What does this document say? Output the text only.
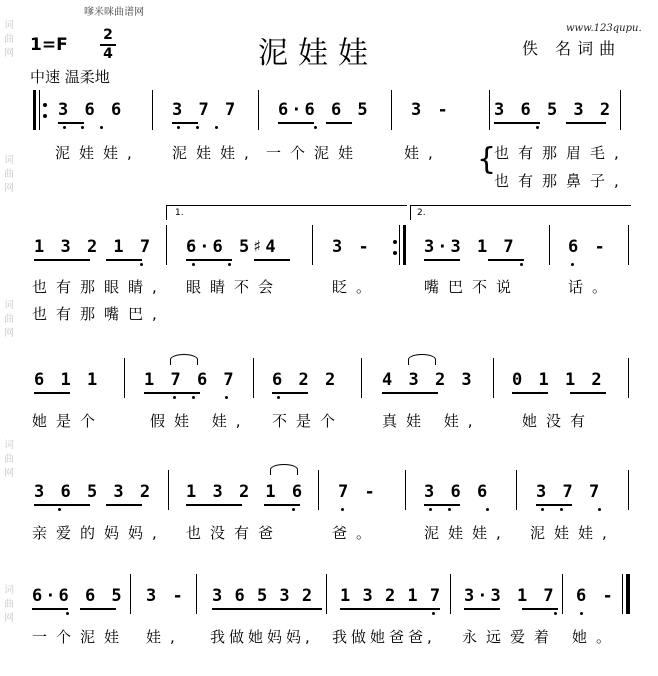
词
曲
网
词
曲
网
词
曲
网
词
曲
网
词
曲
网
嗲米咪曲谱网
www.123qupu.
1=F	2
4	泥娃娃	佚 名词曲
中速 温柔地
3 6 6	3 7 7 6·6 6 5 3 -	3 6 5 3 2
泥娃娃, 泥娃娃, 一个泥娃	娃, {
也有那眉毛,
也有那鼻子,
1.	2.
1 3 2 1 7 6·6 5♯4	3 -	3·3 1 7	6 -
也有那眼睛, 眼睛不会	眨。	嘴巴不说	话。
也有那嘴巴,
6 1 1	1 7 6 7 6 2 2	4 3 2 3 0 1 1 2
她是个	假娃 娃, 不是个	真娃 娃,	她没有
3 6 5 3 2 1 3 2 1 6 7 -	3 6 6	3 7 7
亲爱的妈妈, 也没有爸	爸。	泥娃娃, 泥娃娃,
6·6 6 5 3 - 3 6 5 3 2 1 3 2 1 7 3·3 1 7 6 -
一个泥娃 娃, 我做她妈妈, 我做她爸爸, 永远爱着 她。
